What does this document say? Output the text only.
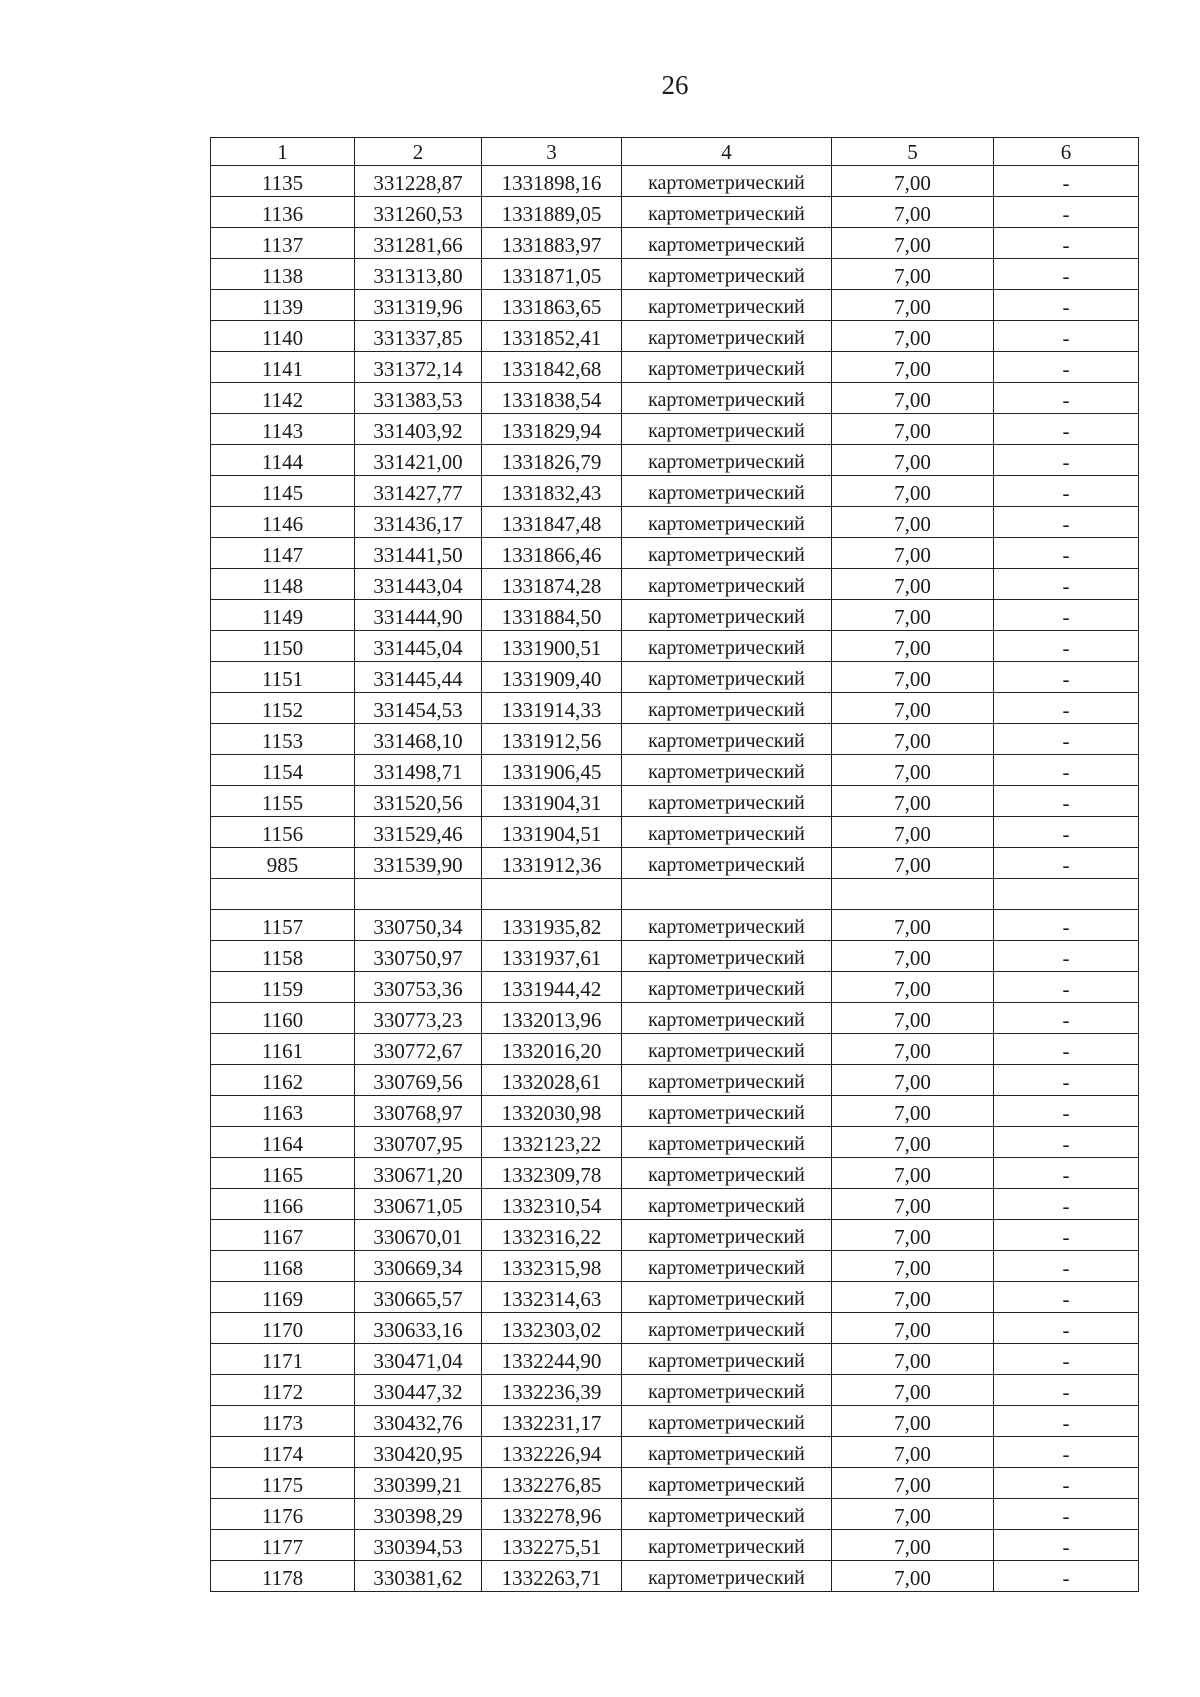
26
1	2	3	4	5	6
1135	331228,87	1331898,16	картометрический	7,00	-
1136	331260,53	1331889,05	картометрический	7,00	-
1137	331281,66	1331883,97	картометрический	7,00	-
1138	331313,80	1331871,05	картометрический	7,00	-
1139	331319,96	1331863,65	картометрический	7,00	-
1140	331337,85	1331852,41	картометрический	7,00	-
1141	331372,14	1331842,68	картометрический	7,00	-
1142	331383,53	1331838,54	картометрический	7,00	-
1143	331403,92	1331829,94	картометрический	7,00	-
1144	331421,00	1331826,79	картометрический	7,00	-
1145	331427,77	1331832,43	картометрический	7,00	-
1146	331436,17	1331847,48	картометрический	7,00	-
1147	331441,50	1331866,46	картометрический	7,00	-
1148	331443,04	1331874,28	картометрический	7,00	-
1149	331444,90	1331884,50	картометрический	7,00	-
1150	331445,04	1331900,51	картометрический	7,00	-
1151	331445,44	1331909,40	картометрический	7,00	-
1152	331454,53	1331914,33	картометрический	7,00	-
1153	331468,10	1331912,56	картометрический	7,00	-
1154	331498,71	1331906,45	картометрический	7,00	-
1155	331520,56	1331904,31	картометрический	7,00	-
1156	331529,46	1331904,51	картометрический	7,00	-
985	331539,90	1331912,36	картометрический	7,00	-

1157	330750,34	1331935,82	картометрический	7,00	-
1158	330750,97	1331937,61	картометрический	7,00	-
1159	330753,36	1331944,42	картометрический	7,00	-
1160	330773,23	1332013,96	картометрический	7,00	-
1161	330772,67	1332016,20	картометрический	7,00	-
1162	330769,56	1332028,61	картометрический	7,00	-
1163	330768,97	1332030,98	картометрический	7,00	-
1164	330707,95	1332123,22	картометрический	7,00	-
1165	330671,20	1332309,78	картометрический	7,00	-
1166	330671,05	1332310,54	картометрический	7,00	-
1167	330670,01	1332316,22	картометрический	7,00	-
1168	330669,34	1332315,98	картометрический	7,00	-
1169	330665,57	1332314,63	картометрический	7,00	-
1170	330633,16	1332303,02	картометрический	7,00	-
1171	330471,04	1332244,90	картометрический	7,00	-
1172	330447,32	1332236,39	картометрический	7,00	-
1173	330432,76	1332231,17	картометрический	7,00	-
1174	330420,95	1332226,94	картометрический	7,00	-
1175	330399,21	1332276,85	картометрический	7,00	-
1176	330398,29	1332278,96	картометрический	7,00	-
1177	330394,53	1332275,51	картометрический	7,00	-
1178	330381,62	1332263,71	картометрический	7,00	-
